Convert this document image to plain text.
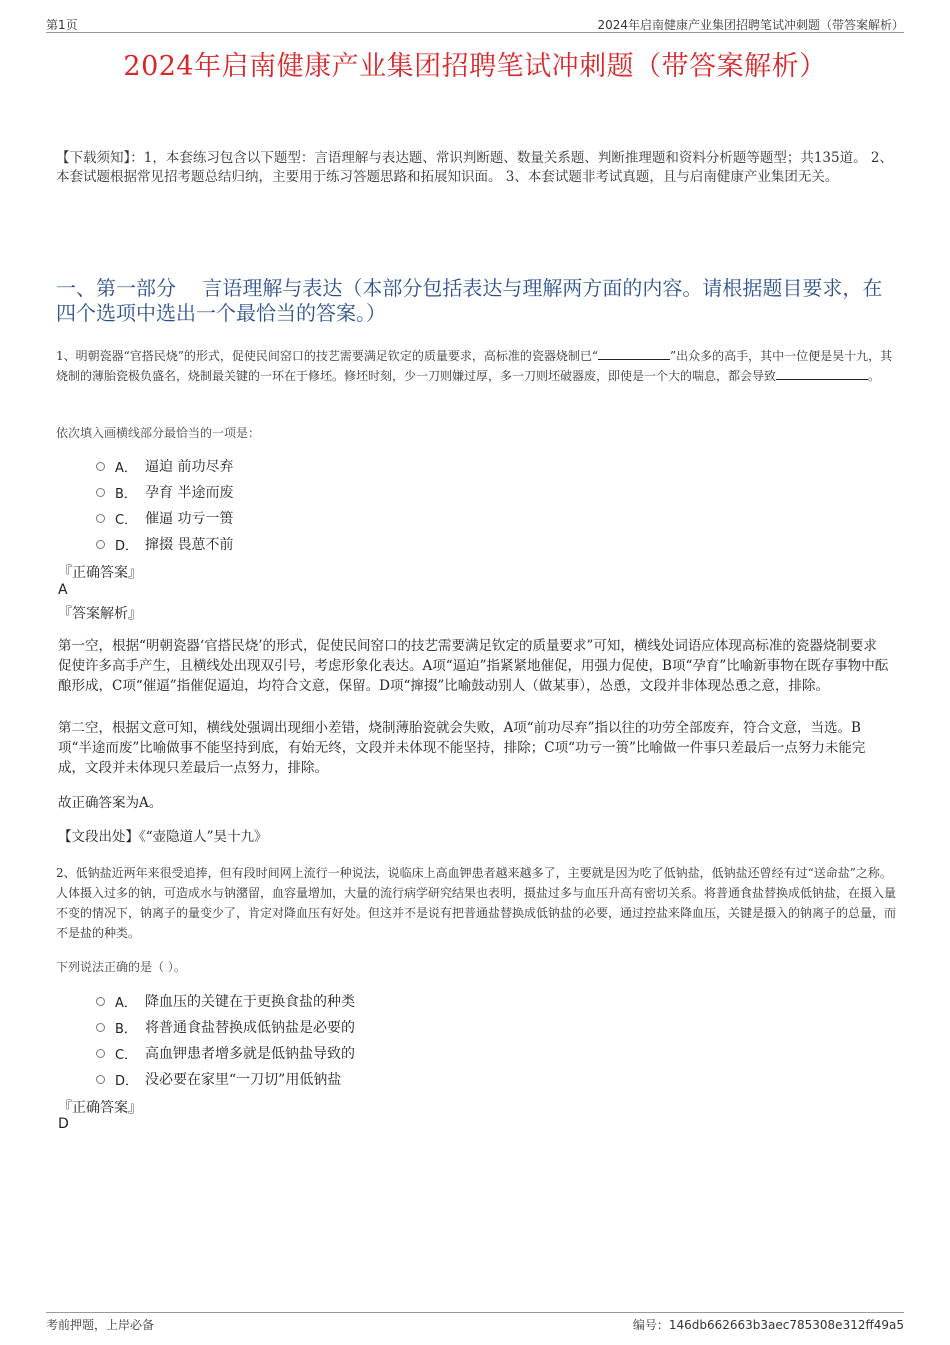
第1页	2024年启南健康产业集团招聘笔试冲刺题（带答案解析）
2024年启南健康产业集团招聘笔试冲刺题（带答案解析）
【下载须知】：1，本套练习包含以下题型：言语理解与表达题、常识判断题、数量关系题、判断推理题和资料分析题等题型；共135道。 2、本套试题根据常见招考题总结归纳，主要用于练习答题思路和拓展知识面。 3、本套试题非考试真题，且与启南健康产业集团无关。
一、第一部分　 言语理解与表达（本部分包括表达与理解两方面的内容。请根据题目要求，在四个选项中选出一个最恰当的答案。）
1、明朝瓷器“官搭民烧”的形式，促使民间窑口的技艺需要满足钦定的质量要求，高标准的瓷器烧制已“	”出众多的高手，其中一位便是昊十九，其烧制的薄胎瓷极负盛名，烧制最关键的一环在于修坯。修坯时刻，少一刀则嫌过厚，多一刀则坯破器废，即使是一个大的喘息，都会导致	。
依次填入画横线部分最恰当的一项是：
A． 逼迫 前功尽弃
B． 孕育 半途而废
C． 催逼 功亏一篑
D． 撺掇 畏葸不前
『正确答案』
A
『答案解析』
第一空，根据“明朝瓷器‘官搭民烧’的形式，促使民间窑口的技艺需要满足钦定的质量要求”可知，横线处词语应体现高标准的瓷器烧制要求促使许多高手产生，且横线处出现双引号，考虑形象化表达。A项“逼迫”指紧紧地催促，用强力促使，B项“孕育”比喻新事物在既存事物中酝酿形成，C项“催逼”指催促逼迫，均符合文意，保留。D项“撺掇”比喻鼓动别人（做某事），怂恿，文段并非体现怂恿之意，排除。
第二空，根据文意可知，横线处强调出现细小差错，烧制薄胎瓷就会失败，A项“前功尽弃”指以往的功劳全部废弃，符合文意，当选。B项“半途而废”比喻做事不能坚持到底，有始无终，文段并未体现不能坚持，排除；C项“功亏一篑”比喻做一件事只差最后一点努力未能完成，文段并未体现只差最后一点努力，排除。
故正确答案为A。
【文段出处】《“壶隐道人”昊十九》
2、低钠盐近两年来很受追捧，但有段时间网上流行一种说法，说临床上高血钾患者越来越多了，主要就是因为吃了低钠盐，低钠盐还曾经有过“送命盐”之称。人体摄入过多的钠，可造成水与钠潴留，血容量增加，大量的流行病学研究结果也表明，摄盐过多与血压升高有密切关系。将普通食盐替换成低钠盐，在摄入量不变的情况下，钠离子的量变少了，肯定对降血压有好处。但这并不是说有把普通盐替换成低钠盐的必要，通过控盐来降血压，关键是摄入的钠离子的总量，而不是盐的种类。
下列说法正确的是（ ）。
A． 降血压的关键在于更换食盐的种类
B． 将普通食盐替换成低钠盐是必要的
C． 高血钾患者增多就是低钠盐导致的
D． 没必要在家里“一刀切”用低钠盐
『正确答案』
D
考前押题，上岸必备	编号：146db662663b3aec785308e312ff49a5
